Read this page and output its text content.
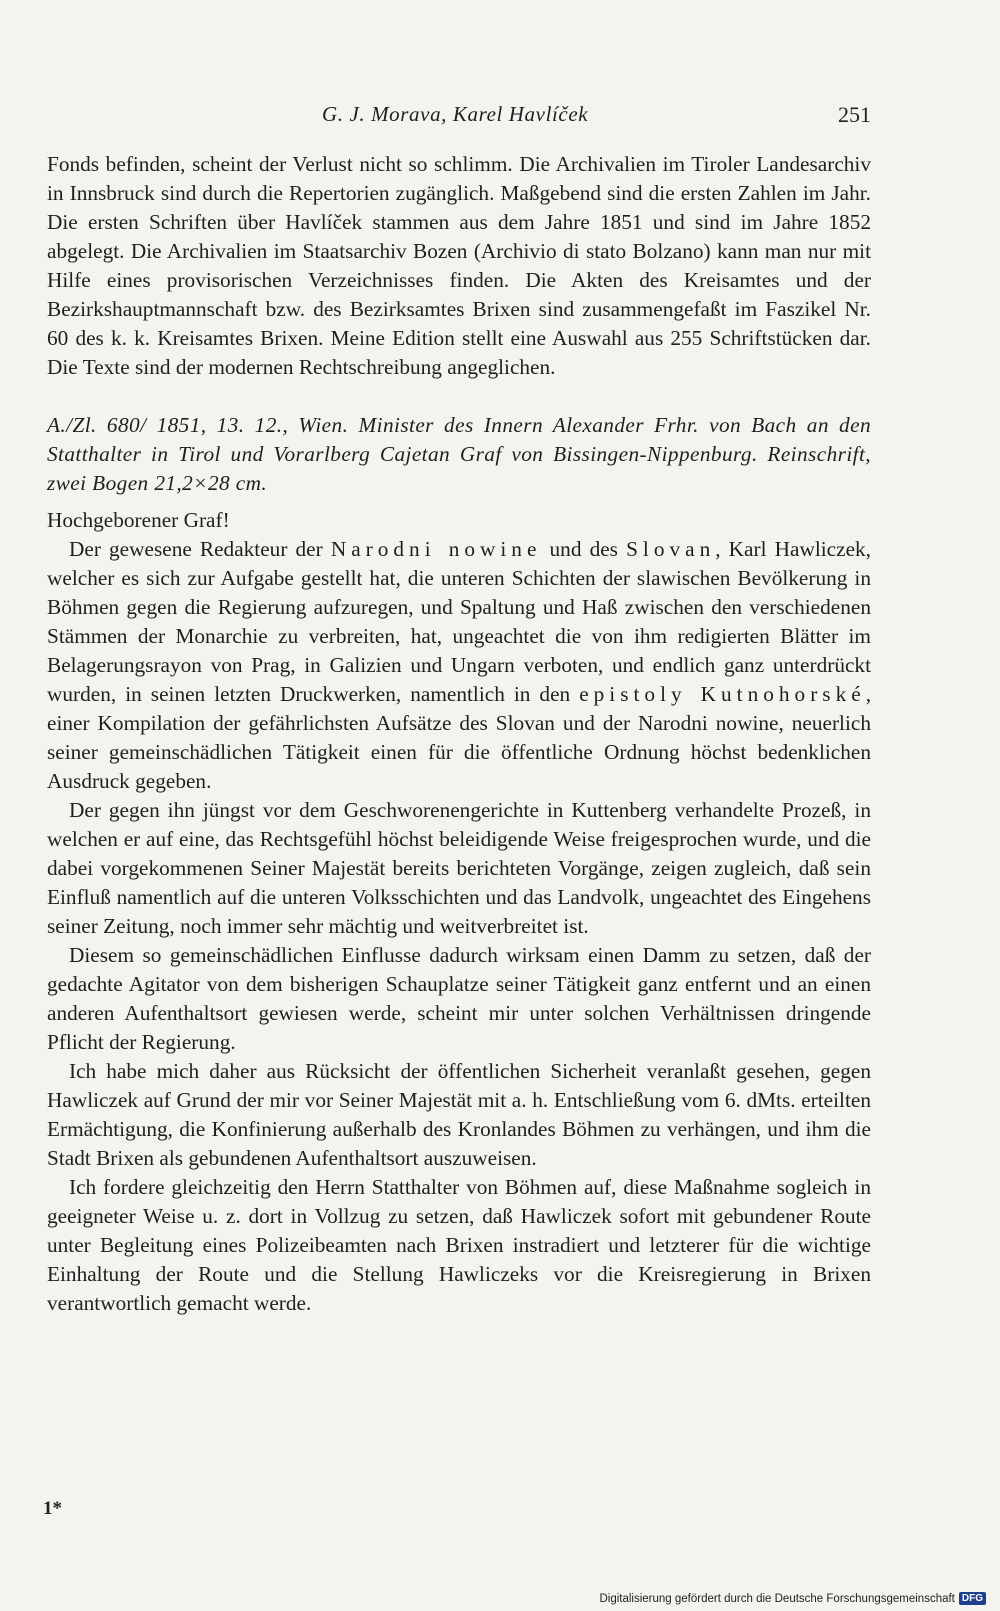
G. J. Morava, Karel Havlíček	251

Fonds befinden, scheint der Verlust nicht so schlimm. Die Archivalien im Tiroler Landesarchiv in Innsbruck sind durch die Repertorien zugänglich. Maßgebend sind die ersten Zahlen im Jahr. Die ersten Schriften über Havlíček stammen aus dem Jahre 1851 und sind im Jahre 1852 abgelegt. Die Archivalien im Staatsarchiv Bozen (Archivio di stato Bolzano) kann man nur mit Hilfe eines provisorischen Verzeichnisses finden. Die Akten des Kreisamtes und der Bezirkshauptmannschaft bzw. des Bezirksamtes Brixen sind zusammengefaßt im Faszikel Nr. 60 des k. k. Kreisamtes Brixen. Meine Edition stellt eine Auswahl aus 255 Schriftstücken dar. Die Texte sind der modernen Rechtschreibung angeglichen.

A./Zl. 680/ 1851, 13. 12., Wien. Minister des Innern Alexander Frhr. von Bach an den Statthalter in Tirol und Vorarlberg Cajetan Graf von Bissingen-Nippenburg. Reinschrift, zwei Bogen 21,2×28 cm.

Hochgeborener Graf!

Der gewesene Redakteur der Narodni nowine und des Slovan, Karl Hawliczek, welcher es sich zur Aufgabe gestellt hat, die unteren Schichten der slawischen Bevölkerung in Böhmen gegen die Regierung aufzuregen, und Spaltung und Haß zwischen den verschiedenen Stämmen der Monarchie zu verbreiten, hat, ungeachtet die von ihm redigierten Blätter im Belagerungsrayon von Prag, in Galizien und Ungarn verboten, und endlich ganz unterdrückt wurden, in seinen letzten Druckwerken, namentlich in den epistoly Kutnohorské, einer Kompilation der gefährlichsten Aufsätze des Slovan und der Narodni nowine, neuerlich seiner gemeinschädlichen Tätigkeit einen für die öffentliche Ordnung höchst bedenklichen Ausdruck gegeben.

Der gegen ihn jüngst vor dem Geschworenengerichte in Kuttenberg verhandelte Prozeß, in welchen er auf eine, das Rechtsgefühl höchst beleidigende Weise freigesprochen wurde, und die dabei vorgekommenen Seiner Majestät bereits berichteten Vorgänge, zeigen zugleich, daß sein Einfluß namentlich auf die unteren Volksschichten und das Landvolk, ungeachtet des Eingehens seiner Zeitung, noch immer sehr mächtig und weitverbreitet ist.

Diesem so gemeinschädlichen Einflusse dadurch wirksam einen Damm zu setzen, daß der gedachte Agitator von dem bisherigen Schauplatze seiner Tätigkeit ganz entfernt und an einen anderen Aufenthaltsort gewiesen werde, scheint mir unter solchen Verhältnissen dringende Pflicht der Regierung.

Ich habe mich daher aus Rücksicht der öffentlichen Sicherheit veranlaßt gesehen, gegen Hawliczek auf Grund der mir vor Seiner Majestät mit a. h. Entschließung vom 6. dMts. erteilten Ermächtigung, die Konfinierung außerhalb des Kronlandes Böhmen zu verhängen, und ihm die Stadt Brixen als gebundenen Aufenthaltsort auszuweisen.

Ich fordere gleichzeitig den Herrn Statthalter von Böhmen auf, diese Maßnahme sogleich in geeigneter Weise u. z. dort in Vollzug zu setzen, daß Hawliczek sofort mit gebundener Route unter Begleitung eines Polizeibeamten nach Brixen instradiert und letzterer für die wichtige Einhaltung der Route und die Stellung Hawliczeks vor die Kreisregierung in Brixen verantwortlich gemacht werde.

1*
Digitalisierung gefördert durch die Deutsche Forschungsgemeinschaft DFG
